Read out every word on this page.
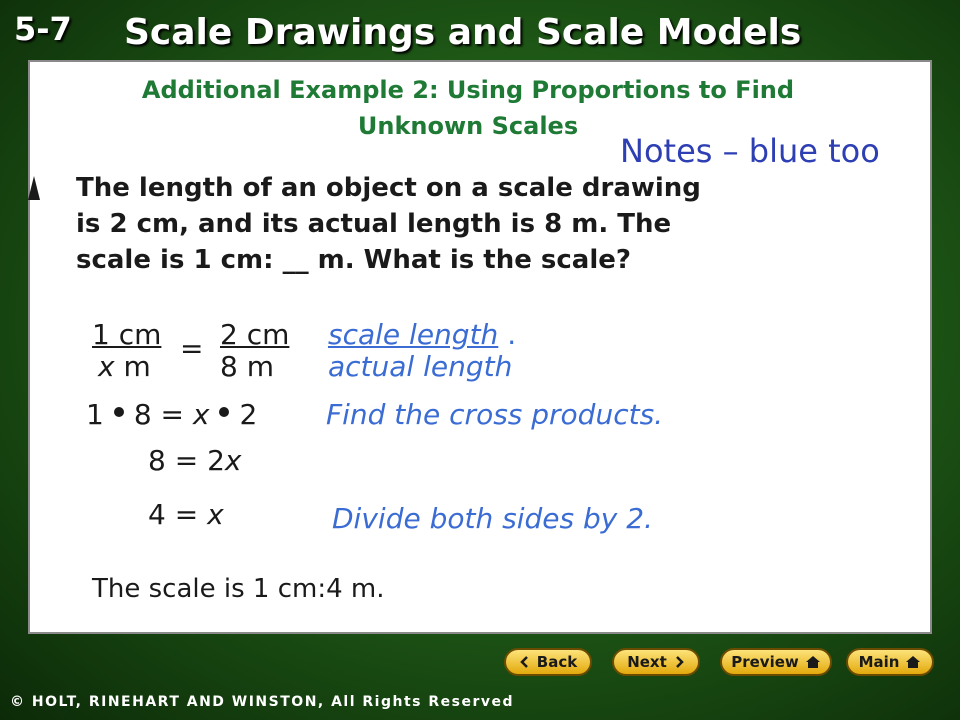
5-7 Scale Drawings and Scale Models
Additional Example 2: Using Proportions to Find
Unknown Scales
Notes – blue too
The length of an object on a scale drawing
is 2 cm, and its actual length is 8 m. The
scale is 1 cm: __ m. What is the scale?
1 cm
x m
= 2 cm
8 m
scale length .
actual length
1 8 = x 2 Find the cross products.
8 = 2x
4 = x	Divide both sides by 2.
The scale is 1 cm:4 m.
Back	Next	Preview	Main
© HOLT, RINEHART AND WINSTON, All Rights Reserved
